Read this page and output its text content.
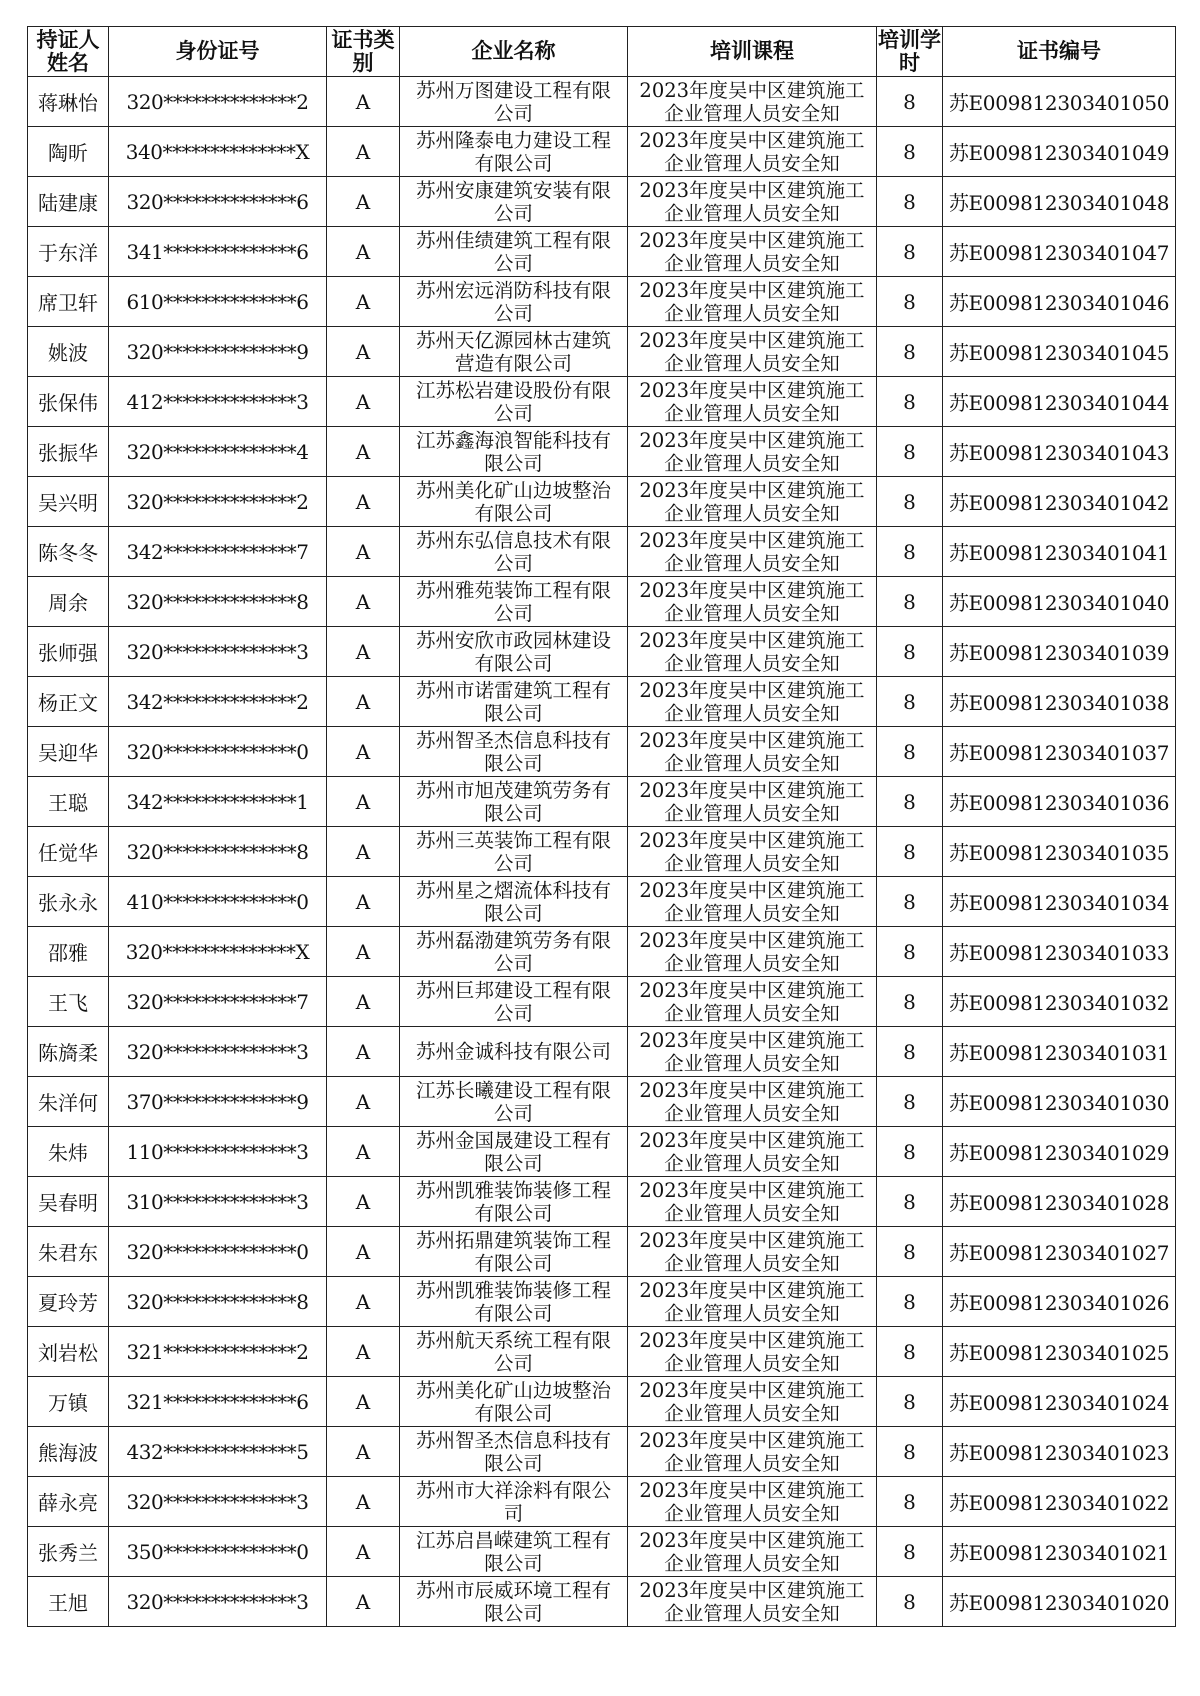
持证人姓名	身份证号	证书类别	企业名称	培训课程	培训学时	证书编号
蒋琳怡	320**************2	A	苏州万图建设工程有限公司	2023年度吴中区建筑施工企业管理人员安全知	8	苏E009812303401050
陶昕	340**************X	A	苏州隆泰电力建设工程有限公司	2023年度吴中区建筑施工企业管理人员安全知	8	苏E009812303401049
陆建康	320**************6	A	苏州安康建筑安装有限公司	2023年度吴中区建筑施工企业管理人员安全知	8	苏E009812303401048
于东洋	341**************6	A	苏州佳绩建筑工程有限公司	2023年度吴中区建筑施工企业管理人员安全知	8	苏E009812303401047
席卫轩	610**************6	A	苏州宏远消防科技有限公司	2023年度吴中区建筑施工企业管理人员安全知	8	苏E009812303401046
姚波	320**************9	A	苏州天亿源园林古建筑营造有限公司	2023年度吴中区建筑施工企业管理人员安全知	8	苏E009812303401045
张保伟	412**************3	A	江苏松岩建设股份有限公司	2023年度吴中区建筑施工企业管理人员安全知	8	苏E009812303401044
张振华	320**************4	A	江苏鑫海浪智能科技有限公司	2023年度吴中区建筑施工企业管理人员安全知	8	苏E009812303401043
吴兴明	320**************2	A	苏州美化矿山边坡整治有限公司	2023年度吴中区建筑施工企业管理人员安全知	8	苏E009812303401042
陈冬冬	342**************7	A	苏州东弘信息技术有限公司	2023年度吴中区建筑施工企业管理人员安全知	8	苏E009812303401041
周余	320**************8	A	苏州雅苑装饰工程有限公司	2023年度吴中区建筑施工企业管理人员安全知	8	苏E009812303401040
张师强	320**************3	A	苏州安欣市政园林建设有限公司	2023年度吴中区建筑施工企业管理人员安全知	8	苏E009812303401039
杨正文	342**************2	A	苏州市诺雷建筑工程有限公司	2023年度吴中区建筑施工企业管理人员安全知	8	苏E009812303401038
吴迎华	320**************0	A	苏州智圣杰信息科技有限公司	2023年度吴中区建筑施工企业管理人员安全知	8	苏E009812303401037
王聪	342**************1	A	苏州市旭茂建筑劳务有限公司	2023年度吴中区建筑施工企业管理人员安全知	8	苏E009812303401036
任觉华	320**************8	A	苏州三英装饰工程有限公司	2023年度吴中区建筑施工企业管理人员安全知	8	苏E009812303401035
张永永	410**************0	A	苏州星之熠流体科技有限公司	2023年度吴中区建筑施工企业管理人员安全知	8	苏E009812303401034
邵雅	320**************X	A	苏州磊渤建筑劳务有限公司	2023年度吴中区建筑施工企业管理人员安全知	8	苏E009812303401033
王飞	320**************7	A	苏州巨邦建设工程有限公司	2023年度吴中区建筑施工企业管理人员安全知	8	苏E009812303401032
陈旖柔	320**************3	A	苏州金诚科技有限公司	2023年度吴中区建筑施工企业管理人员安全知	8	苏E009812303401031
朱洋何	370**************9	A	江苏长曦建设工程有限公司	2023年度吴中区建筑施工企业管理人员安全知	8	苏E009812303401030
朱炜	110**************3	A	苏州金国晟建设工程有限公司	2023年度吴中区建筑施工企业管理人员安全知	8	苏E009812303401029
吴春明	310**************3	A	苏州凯雅装饰装修工程有限公司	2023年度吴中区建筑施工企业管理人员安全知	8	苏E009812303401028
朱君东	320**************0	A	苏州拓鼎建筑装饰工程有限公司	2023年度吴中区建筑施工企业管理人员安全知	8	苏E009812303401027
夏玲芳	320**************8	A	苏州凯雅装饰装修工程有限公司	2023年度吴中区建筑施工企业管理人员安全知	8	苏E009812303401026
刘岩松	321**************2	A	苏州航天系统工程有限公司	2023年度吴中区建筑施工企业管理人员安全知	8	苏E009812303401025
万镇	321**************6	A	苏州美化矿山边坡整治有限公司	2023年度吴中区建筑施工企业管理人员安全知	8	苏E009812303401024
熊海波	432**************5	A	苏州智圣杰信息科技有限公司	2023年度吴中区建筑施工企业管理人员安全知	8	苏E009812303401023
薛永亮	320**************3	A	苏州市大祥涂料有限公司	2023年度吴中区建筑施工企业管理人员安全知	8	苏E009812303401022
张秀兰	350**************0	A	江苏启昌嵘建筑工程有限公司	2023年度吴中区建筑施工企业管理人员安全知	8	苏E009812303401021
王旭	320**************3	A	苏州市辰威环境工程有限公司	2023年度吴中区建筑施工企业管理人员安全知	8	苏E009812303401020
